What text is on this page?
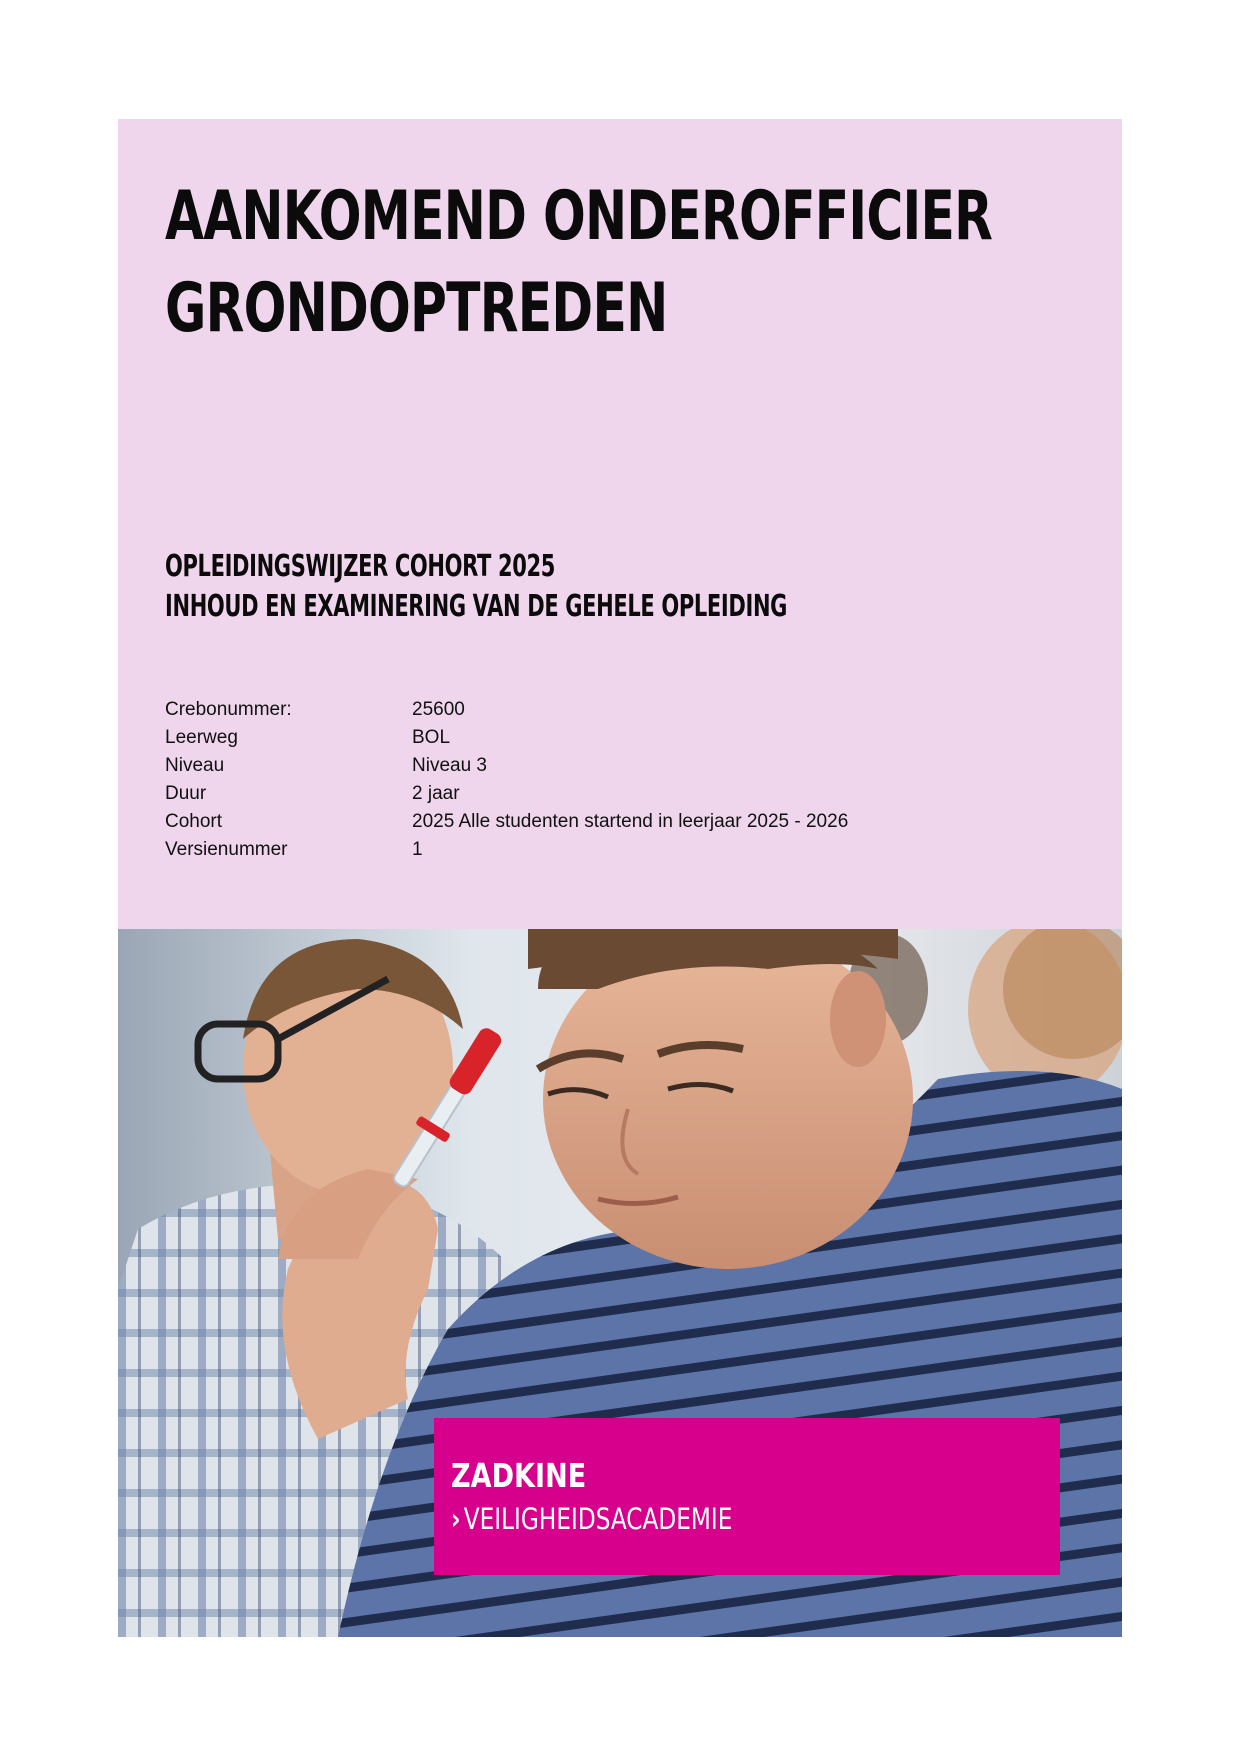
AANKOMEND ONDEROFFICIER
GRONDOPTREDEN
OPLEIDINGSWIJZER COHORT 2025
INHOUD EN EXAMINERING VAN DE GEHELE OPLEIDING
Crebonummer:	25600
Leerweg	BOL
Niveau	Niveau 3
Duur	2 jaar
Cohort	2025 Alle studenten startend in leerjaar 2025 - 2026
Versienummer	1
ZADKINE
› VEILIGHEIDSACADEMIE
